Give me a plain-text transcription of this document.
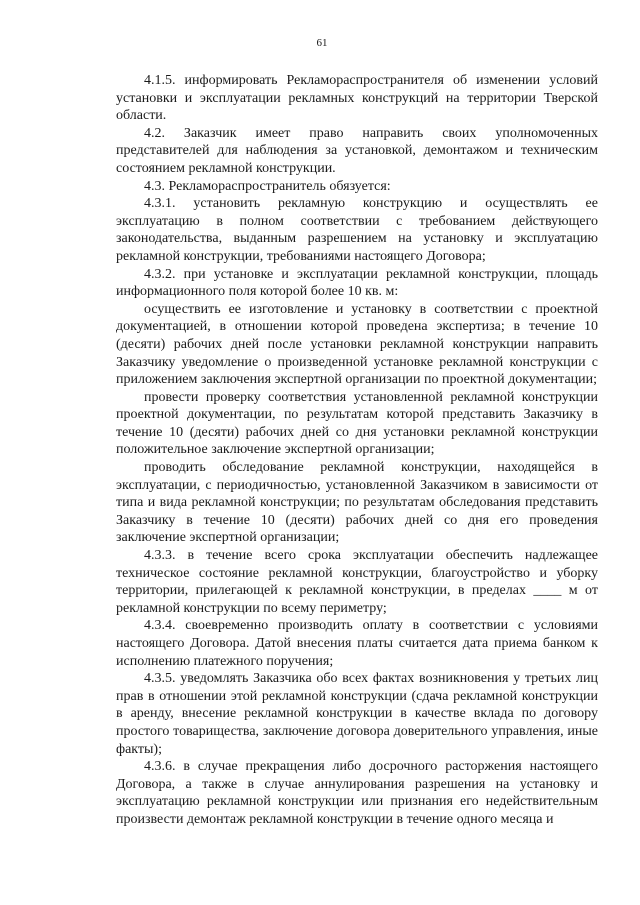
61

4.1.5. информировать Рекламораспространителя об изменении условий установки и эксплуатации рекламных конструкций на территории Тверской области.

4.2. Заказчик имеет право направить своих уполномоченных представителей для наблюдения за установкой, демонтажом и техническим состоянием рекламной конструкции.

4.3. Рекламораспространитель обязуется:

4.3.1. установить рекламную конструкцию и осуществлять ее эксплуатацию в полном соответствии с требованием действующего законодательства, выданным разрешением на установку и эксплуатацию рекламной конструкции, требованиями настоящего Договора;

4.3.2. при установке и эксплуатации рекламной конструкции, площадь информационного поля которой более 10 кв. м:

осуществить ее изготовление и установку в соответствии с проектной документацией, в отношении которой проведена экспертиза; в течение 10 (десяти) рабочих дней после установки рекламной конструкции направить Заказчику уведомление о произведенной установке рекламной конструкции с приложением заключения экспертной организации по проектной документации;

провести проверку соответствия установленной рекламной конструкции проектной документации, по результатам которой представить Заказчику в течение 10 (десяти) рабочих дней со дня установки рекламной конструкции положительное заключение экспертной организации;

проводить обследование рекламной конструкции, находящейся в эксплуатации, с периодичностью, установленной Заказчиком в зависимости от типа и вида рекламной конструкции; по результатам обследования представить Заказчику в течение 10 (десяти) рабочих дней со дня его проведения заключение экспертной организации;

4.3.3. в течение всего срока эксплуатации обеспечить надлежащее техническое состояние рекламной конструкции, благоустройство и уборку территории, прилегающей к рекламной конструкции, в пределах ____ м от рекламной конструкции по всему периметру;

4.3.4. своевременно производить оплату в соответствии с условиями настоящего Договора. Датой внесения платы считается дата приема банком к исполнению платежного поручения;

4.3.5. уведомлять Заказчика обо всех фактах возникновения у третьих лиц прав в отношении этой рекламной конструкции (сдача рекламной конструкции в аренду, внесение рекламной конструкции в качестве вклада по договору простого товарищества, заключение договора доверительного управления, иные факты);

4.3.6. в случае прекращения либо досрочного расторжения настоящего Договора, а также в случае аннулирования разрешения на установку и эксплуатацию рекламной конструкции или признания его недействительным произвести демонтаж рекламной конструкции в течение одного месяца и
